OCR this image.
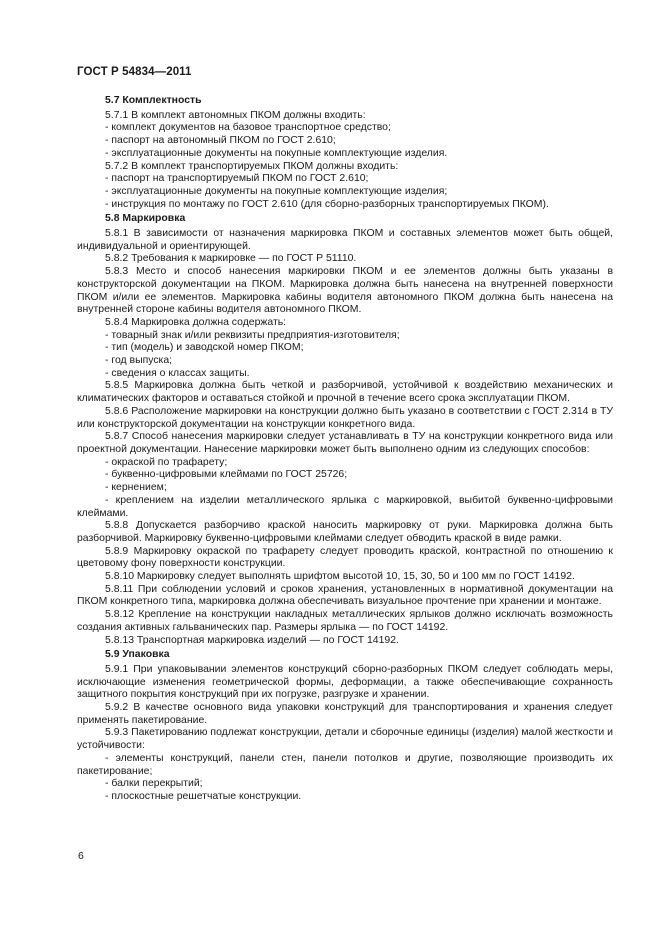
ГОСТ Р 54834—2011

5.7 Комплектность

5.7.1 В комплект автономных ПКОМ должны входить:

- комплект документов на базовое транспортное средство;

- паспорт на автономный ПКОМ по ГОСТ 2.610;

- эксплуатационные документы на покупные комплектующие изделия.

5.7.2 В комплект транспортируемых ПКОМ должны входить:

- паспорт на транспортируемый ПКОМ по ГОСТ 2.610;

- эксплуатационные документы на покупные комплектующие изделия;

- инструкция по монтажу по ГОСТ 2.610 (для сборно-разборных транспортируемых ПКОМ).

5.8 Маркировка

5.8.1 В зависимости от назначения маркировка ПКОМ и составных элементов может быть общей, индивидуальной и ориентирующей.

5.8.2 Требования к маркировке — по ГОСТ Р 51110.

5.8.3 Место и способ нанесения маркировки ПКОМ и ее элементов должны быть указаны в конструкторской документации на ПКОМ. Маркировка должна быть нанесена на внутренней поверхности ПКОМ и/или ее элементов. Маркировка кабины водителя автономного ПКОМ должна быть нанесена на внутренней стороне кабины водителя автономного ПКОМ.

5.8.4 Маркировка должна содержать:

- товарный знак и/или реквизиты предприятия-изготовителя;

- тип (модель) и заводской номер ПКОМ;

- год выпуска;

- сведения о классах защиты.

5.8.5 Маркировка должна быть четкой и разборчивой, устойчивой к воздействию механических и климатических факторов и оставаться стойкой и прочной в течение всего срока эксплуатации ПКОМ.

5.8.6 Расположение маркировки на конструкции должно быть указано в соответствии с ГОСТ 2.314 в ТУ или конструкторской документации на конструкции конкретного вида.

5.8.7 Способ нанесения маркировки следует устанавливать в ТУ на конструкции конкретного вида или проектной документации. Нанесение маркировки может быть выполнено одним из следующих способов:

- окраской по трафарету;

- буквенно-цифровыми клеймами по ГОСТ 25726;

- кернением;

- креплением на изделии металлического ярлыка с маркировкой, выбитой буквенно-цифровыми клеймами.

5.8.8 Допускается разборчиво краской наносить маркировку от руки. Маркировка должна быть разборчивой. Маркировку буквенно-цифровыми клеймами следует обводить краской в виде рамки.

5.8.9 Маркировку окраской по трафарету следует проводить краской, контрастной по отношению к цветовому фону поверхности конструкции.

5.8.10 Маркировку следует выполнять шрифтом высотой 10, 15, 30, 50 и 100 мм по ГОСТ 14192.

5.8.11 При соблюдении условий и сроков хранения, установленных в нормативной документации на ПКОМ конкретного типа, маркировка должна обеспечивать визуальное прочтение при хранении и монтаже.

5.8.12 Крепление на конструкции накладных металлических ярлыков должно исключать возможность создания активных гальванических пар. Размеры ярлыка — по ГОСТ 14192.

5.8.13 Транспортная маркировка изделий — по ГОСТ 14192.

5.9 Упаковка

5.9.1 При упаковывании элементов конструкций сборно-разборных ПКОМ следует соблюдать меры, исключающие изменения геометрической формы, деформации, а также обеспечивающие сохранность защитного покрытия конструкций при их погрузке, разгрузке и хранении.

5.9.2 В качестве основного вида упаковки конструкций для транспортирования и хранения следует применять пакетирование.

5.9.3 Пакетированию подлежат конструкции, детали и сборочные единицы (изделия) малой жесткости и устойчивости:

- элементы конструкций, панели стен, панели потолков и другие, позволяющие производить их пакетирование;

- балки перекрытий;

- плоскостные решетчатые конструкции.

6
